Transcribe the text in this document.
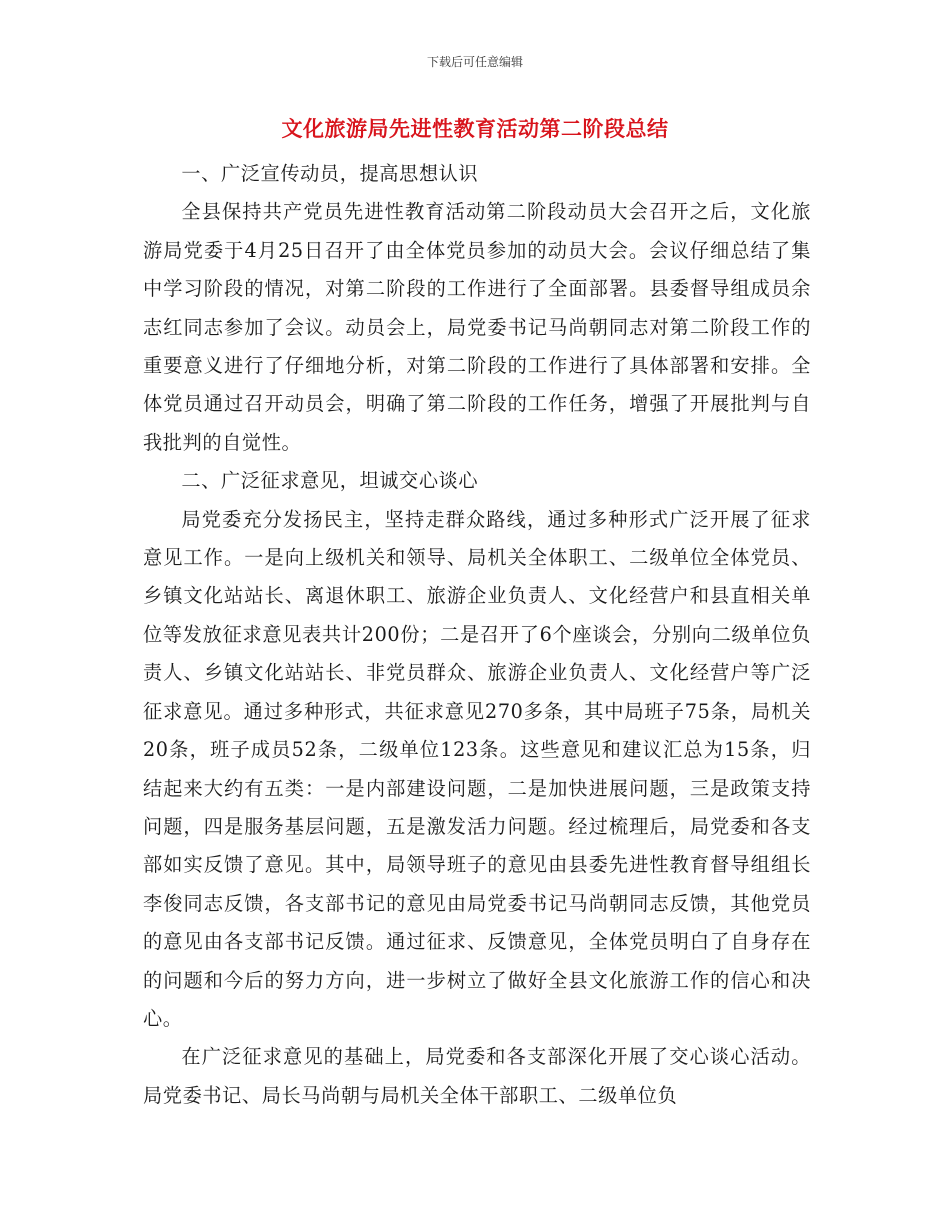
下载后可任意编辑
文化旅游局先进性教育活动第二阶段总结

一、广泛宣传动员，提高思想认识

全县保持共产党员先进性教育活动第二阶段动员大会召开之后，文化旅游局党委于4月25日召开了由全体党员参加的动员大会。会议仔细总结了集中学习阶段的情况，对第二阶段的工作进行了全面部署。县委督导组成员余志红同志参加了会议。动员会上，局党委书记马尚朝同志对第二阶段工作的重要意义进行了仔细地分析，对第二阶段的工作进行了具体部署和安排。全体党员通过召开动员会，明确了第二阶段的工作任务，增强了开展批判与自我批判的自觉性。

二、广泛征求意见，坦诚交心谈心

局党委充分发扬民主，坚持走群众路线，通过多种形式广泛开展了征求意见工作。一是向上级机关和领导、局机关全体职工、二级单位全体党员、乡镇文化站站长、离退休职工、旅游企业负责人、文化经营户和县直相关单位等发放征求意见表共计200份；二是召开了6个座谈会，分别向二级单位负责人、乡镇文化站站长、非党员群众、旅游企业负责人、文化经营户等广泛征求意见。通过多种形式，共征求意见270多条，其中局班子75条，局机关20条，班子成员52条，二级单位123条。这些意见和建议汇总为15条，归结起来大约有五类：一是内部建设问题，二是加快进展问题，三是政策支持问题，四是服务基层问题，五是激发活力问题。经过梳理后，局党委和各支部如实反馈了意见。其中，局领导班子的意见由县委先进性教育督导组组长李俊同志反馈，各支部书记的意见由局党委书记马尚朝同志反馈，其他党员的意见由各支部书记反馈。通过征求、反馈意见，全体党员明白了自身存在的问题和今后的努力方向，进一步树立了做好全县文化旅游工作的信心和决心。

在广泛征求意见的基础上，局党委和各支部深化开展了交心谈心活动。局党委书记、局长马尚朝与局机关全体干部职工、二级单位负
